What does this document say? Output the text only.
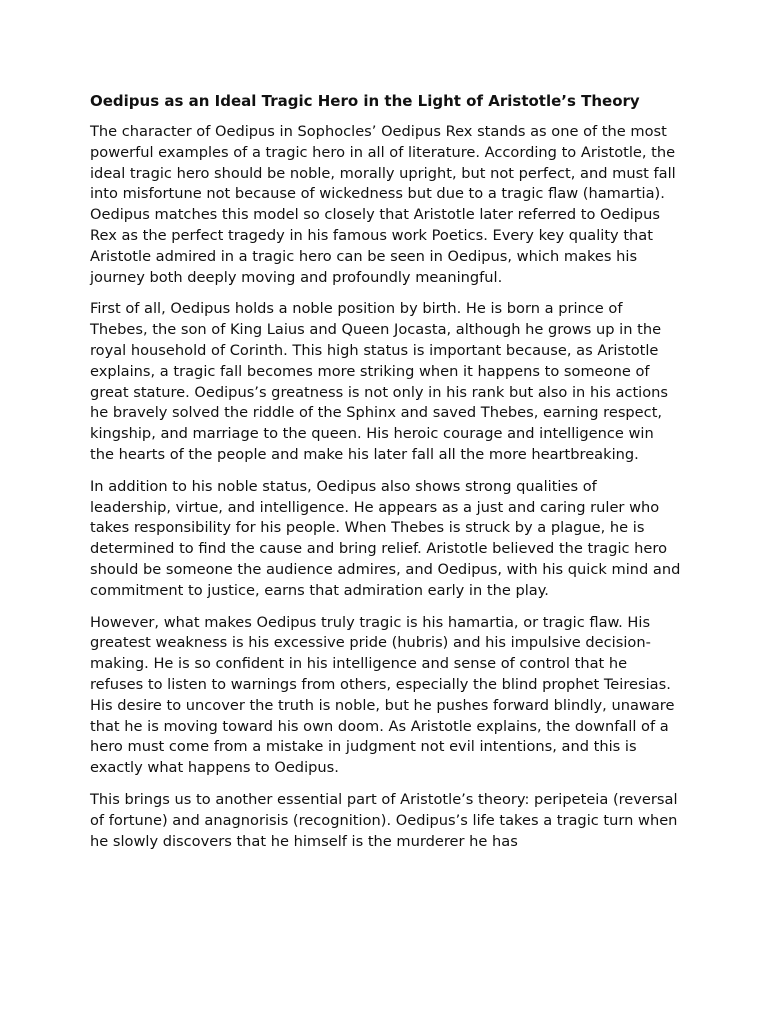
Oedipus as an Ideal Tragic Hero in the Light of Aristotle’s Theory

The character of Oedipus in Sophocles’ Oedipus Rex stands as one of the most powerful examples of a tragic hero in all of literature. According to Aristotle, the ideal tragic hero should be noble, morally upright, but not perfect, and must fall into misfortune not because of wickedness but due to a tragic flaw (hamartia). Oedipus matches this model so closely that Aristotle later referred to Oedipus Rex as the perfect tragedy in his famous work Poetics. Every key quality that Aristotle admired in a tragic hero can be seen in Oedipus, which makes his journey both deeply moving and profoundly meaningful.

First of all, Oedipus holds a noble position by birth. He is born a prince of Thebes, the son of King Laius and Queen Jocasta, although he grows up in the royal household of Corinth. This high status is important because, as Aristotle explains, a tragic fall becomes more striking when it happens to someone of great stature. Oedipus’s greatness is not only in his rank but also in his actions he bravely solved the riddle of the Sphinx and saved Thebes, earning respect, kingship, and marriage to the queen. His heroic courage and intelligence win the hearts of the people and make his later fall all the more heartbreaking.

In addition to his noble status, Oedipus also shows strong qualities of leadership, virtue, and intelligence. He appears as a just and caring ruler who takes responsibility for his people. When Thebes is struck by a plague, he is determined to find the cause and bring relief. Aristotle believed the tragic hero should be someone the audience admires, and Oedipus, with his quick mind and commitment to justice, earns that admiration early in the play.

However, what makes Oedipus truly tragic is his hamartia, or tragic flaw. His greatest weakness is his excessive pride (hubris) and his impulsive decision-making. He is so confident in his intelligence and sense of control that he refuses to listen to warnings from others, especially the blind prophet Teiresias. His desire to uncover the truth is noble, but he pushes forward blindly, unaware that he is moving toward his own doom. As Aristotle explains, the downfall of a hero must come from a mistake in judgment not evil intentions, and this is exactly what happens to Oedipus.

This brings us to another essential part of Aristotle’s theory: peripeteia (reversal of fortune) and anagnorisis (recognition). Oedipus’s life takes a tragic turn when he slowly discovers that he himself is the murderer he has
